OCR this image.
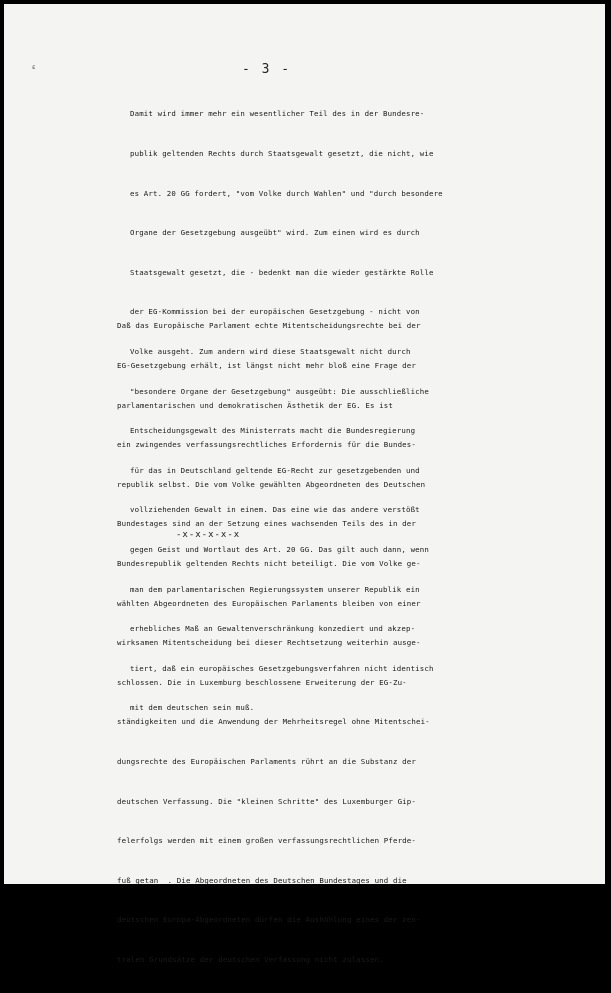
ε	- 3 -

Damit wird immer mehr ein wesentlicher Teil des in der Bundesre-

publik geltenden Rechts durch Staatsgewalt gesetzt, die nicht, wie

es Art. 20 GG fordert, "vom Volke durch Wahlen" und "durch besondere

Organe der Gesetzgebung ausgeübt" wird. Zum einen wird es durch

Staatsgewalt gesetzt, die - bedenkt man die wieder gestärkte Rolle

der EG-Kommission bei der europäischen Gesetzgebung - nicht von

Volke ausgeht. Zum andern wird diese Staatsgewalt nicht durch

"besondere Organe der Gesetzgebung" ausgeübt: Die ausschließliche

Entscheidungsgewalt des Ministerrats macht die Bundesregierung

für das in Deutschland geltende EG-Recht zur gesetzgebenden und

vollziehenden Gewalt in einem. Das eine wie das andere verstößt

gegen Geist und Wortlaut des Art. 20 GG. Das gilt auch dann, wenn

man dem parlamentarischen Regierungssystem unserer Republik ein

erhebliches Maß an Gewaltenverschränkung konzediert und akzep-

tiert, daß ein europäisches Gesetzgebungsverfahren nicht identisch

mit dem deutschen sein muß.

Daß das Europäische Parlament echte Mitentscheidungsrechte bei der

EG-Gesetzgebung erhält, ist längst nicht mehr bloß eine Frage der

parlamentarischen und demokratischen Ästhetik der EG. Es ist

ein zwingendes verfassungsrechtliches Erfordernis für die Bundes-

republik selbst. Die vom Volke gewählten Abgeordneten des Deutschen

Bundestages sind an der Setzung eines wachsenden Teils des in der

Bundesrepublik geltenden Rechts nicht beteiligt. Die vom Volke ge-

wählten Abgeordneten des Europäischen Parlaments bleiben von einer

wirksamen Mitentscheidung bei dieser Rechtsetzung weiterhin ausge-

schlossen. Die in Luxemburg beschlossene Erweiterung der EG-Zu-

ständigkeiten und die Anwendung der Mehrheitsregel ohne Mitentschei-

dungsrechte des Europäischen Parlaments rührt an die Substanz der

deutschen Verfassung. Die "kleinen Schritte" des Luxemburger Gip-

felerfolgs werden mit einem großen verfassungsrechtlichen Pferde-

fuß getan  . Die Abgeordneten des Deutschen Bundestages und die

deutschen Europa-Abgeordneten dürfen die Aushöhlung eines der zen-

tralen Grundsätze der deutschen Verfassung nicht zulassen.

-x-x-x-x-x
